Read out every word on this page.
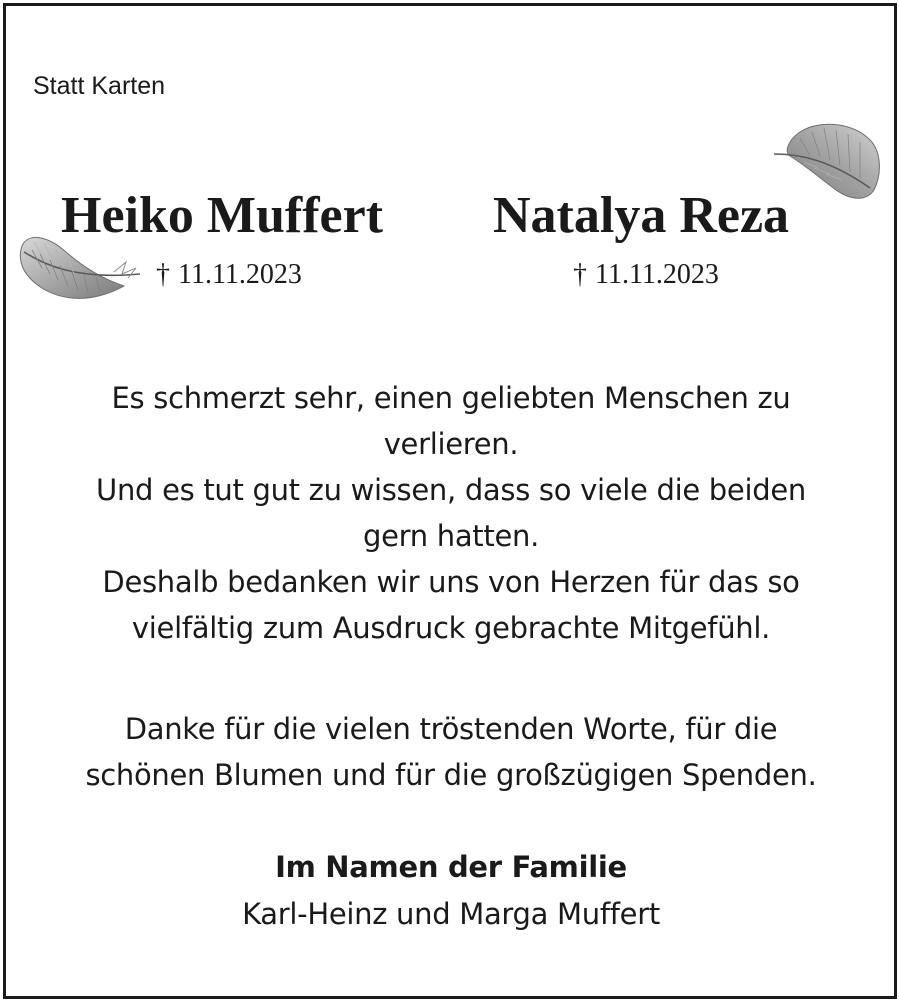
Statt Karten
Heiko Muffert Natalya Reza
† 11.11.2023	† 11.11.2023
Es schmerzt sehr, einen geliebten Menschen zu
verlieren.
Und es tut gut zu wissen, dass so viele die beiden
gern hatten.
Deshalb bedanken wir uns von Herzen für das so
vielfältig zum Ausdruck gebrachte Mitgefühl.
Danke für die vielen tröstenden Worte, für die
schönen Blumen und für die großzügigen Spenden.
Im Namen der Familie
Karl-Heinz und Marga Muffert
